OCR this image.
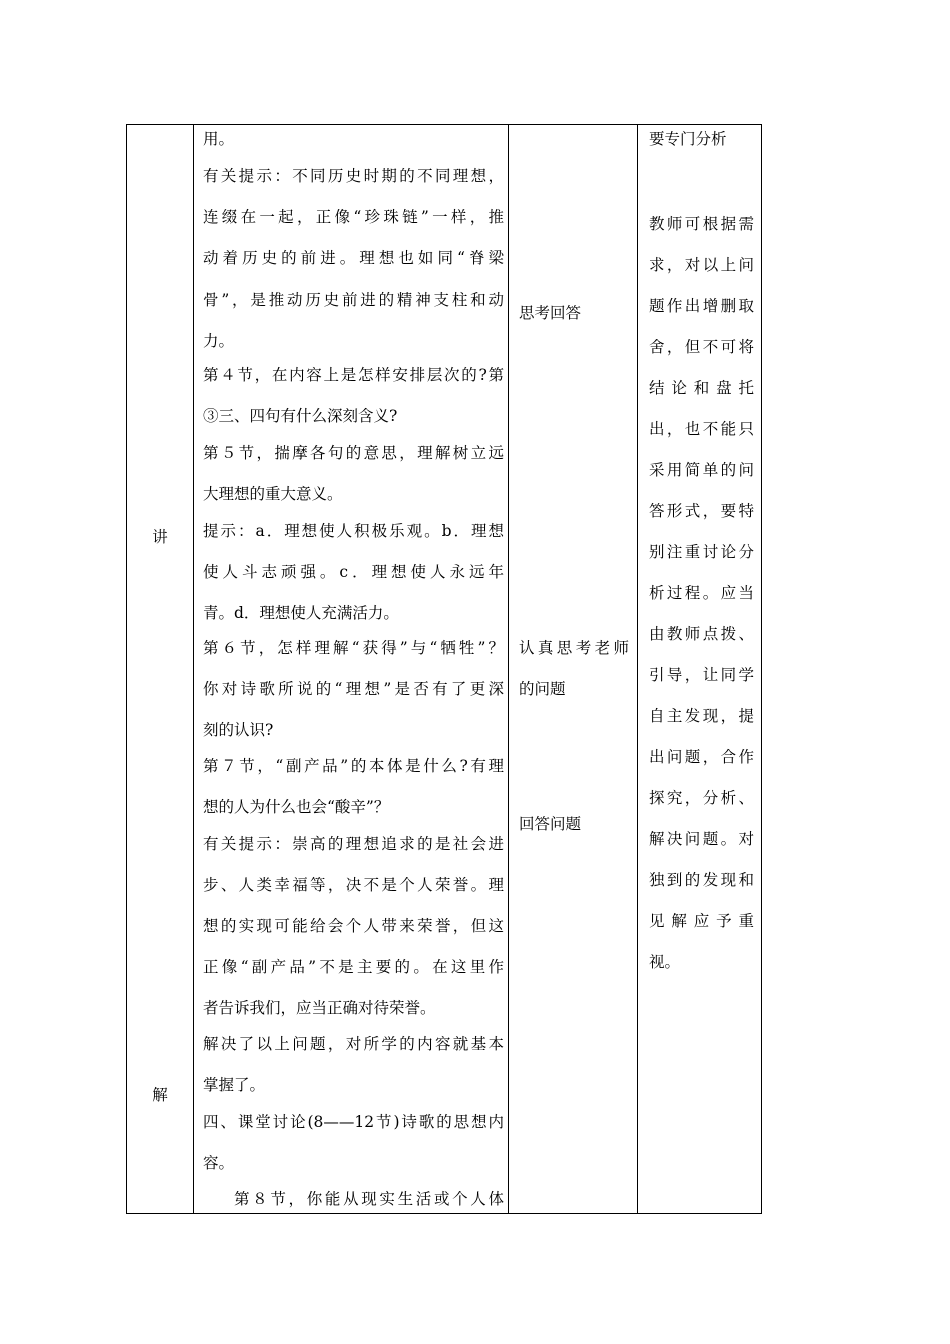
讲
解
用。
有关提示：不同历史时期的不同理想，
连缀在一起，正像“珍珠链”一样，推
动着历史的前进。理想也如同“脊梁
骨”，是推动历史前进的精神支柱和动
力。
第４节，在内容上是怎样安排层次的?第
③三、四句有什么深刻含义?
第５节，揣摩各句的意思，理解树立远
大理想的重大意义。
提示：a．理想使人积极乐观。b．理想
使人斗志顽强。c．理想使人永远年
青。d．理想使人充满活力。
第６节，怎样理解“获得”与“牺牲”？
你对诗歌所说的“理想”是否有了更深
刻的认识?
第７节，“副产品”的本体是什么?有理
想的人为什么也会“酸辛”？
有关提示：崇高的理想追求的是社会进
步、人类幸福等，决不是个人荣誉。理
想的实现可能给会个人带来荣誉，但这
正像“副产品”不是主要的。在这里作
者告诉我们，应当正确对待荣誉。
解决了以上问题，对所学的内容就基本
掌握了。
四、课堂讨论(8——12节)诗歌的思想内
容。
第８节，你能从现实生活或个人体
思考回答
认真思考老师
的问题
回答问题
要专门分析
教师可根据需
求，对以上问
题作出增删取
舍，但不可将
结论和盘托
出，也不能只
采用简单的问
答形式，要特
别注重讨论分
析过程。应当
由教师点拨、
引导，让同学
自主发现，提
出问题，合作
探究，分析、
解决问题。对
独到的发现和
见解应予重
视。
